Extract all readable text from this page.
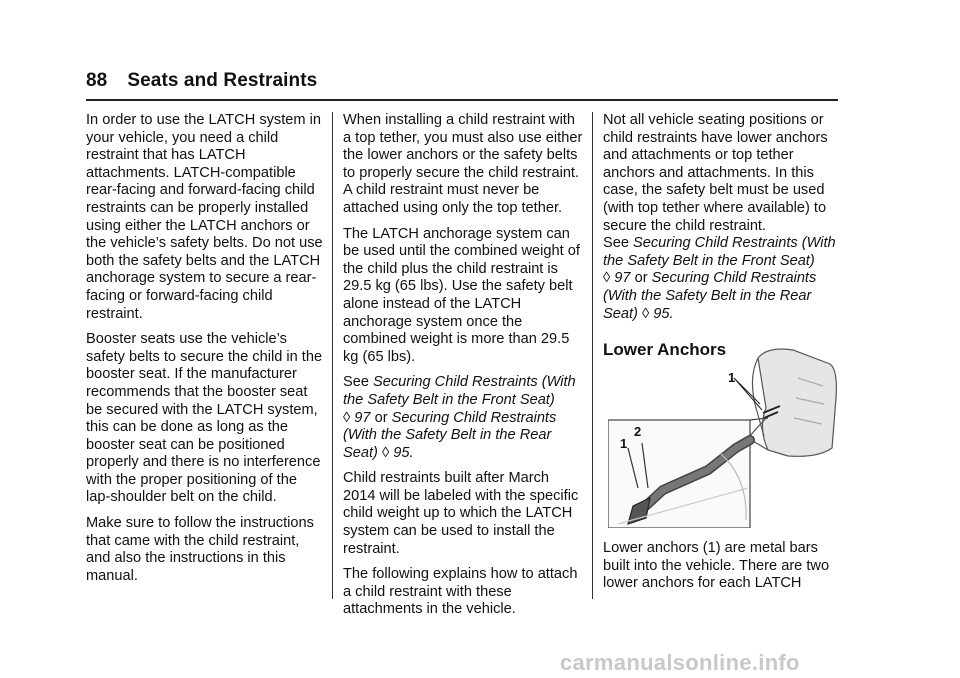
88 Seats and Restraints

In order to use the LATCH system in your vehicle, you need a child restraint that has LATCH attachments. LATCH-compatible rear-facing and forward-facing child restraints can be properly installed using either the LATCH anchors or the vehicle’s safety belts. Do not use both the safety belts and the LATCH anchorage system to secure a rear-facing or forward-facing child restraint.

Booster seats use the vehicle’s safety belts to secure the child in the booster seat. If the manufacturer recommends that the booster seat be secured with the LATCH system, this can be done as long as the booster seat can be positioned properly and there is no interference with the proper positioning of the lap-shoulder belt on the child.

Make sure to follow the instructions that came with the child restraint, and also the instructions in this manual.

When installing a child restraint with a top tether, you must also use either the lower anchors or the safety belts to properly secure the child restraint. A child restraint must never be attached using only the top tether.

The LATCH anchorage system can be used until the combined weight of the child plus the child restraint is 29.5 kg (65 lbs). Use the safety belt alone instead of the LATCH anchorage system once the combined weight is more than 29.5 kg (65 lbs).

See Securing Child Restraints (With the Safety Belt in the Front Seat)
◊ 97 or Securing Child Restraints (With the Safety Belt in the Rear Seat) ◊ 95.

Child restraints built after March 2014 will be labeled with the specific child weight up to which the LATCH system can be used to install the restraint.

The following explains how to attach a child restraint with these attachments in the vehicle.

Not all vehicle seating positions or child restraints have lower anchors and attachments or top tether anchors and attachments. In this case, the safety belt must be used (with top tether where available) to secure the child restraint.

See Securing Child Restraints (With the Safety Belt in the Front Seat)
◊ 97 or Securing Child Restraints (With the Safety Belt in the Rear Seat) ◊ 95.

Lower Anchors
1
1
2

Lower anchors (1) are metal bars built into the vehicle. There are two lower anchors for each LATCH

carmanualsonline.info
